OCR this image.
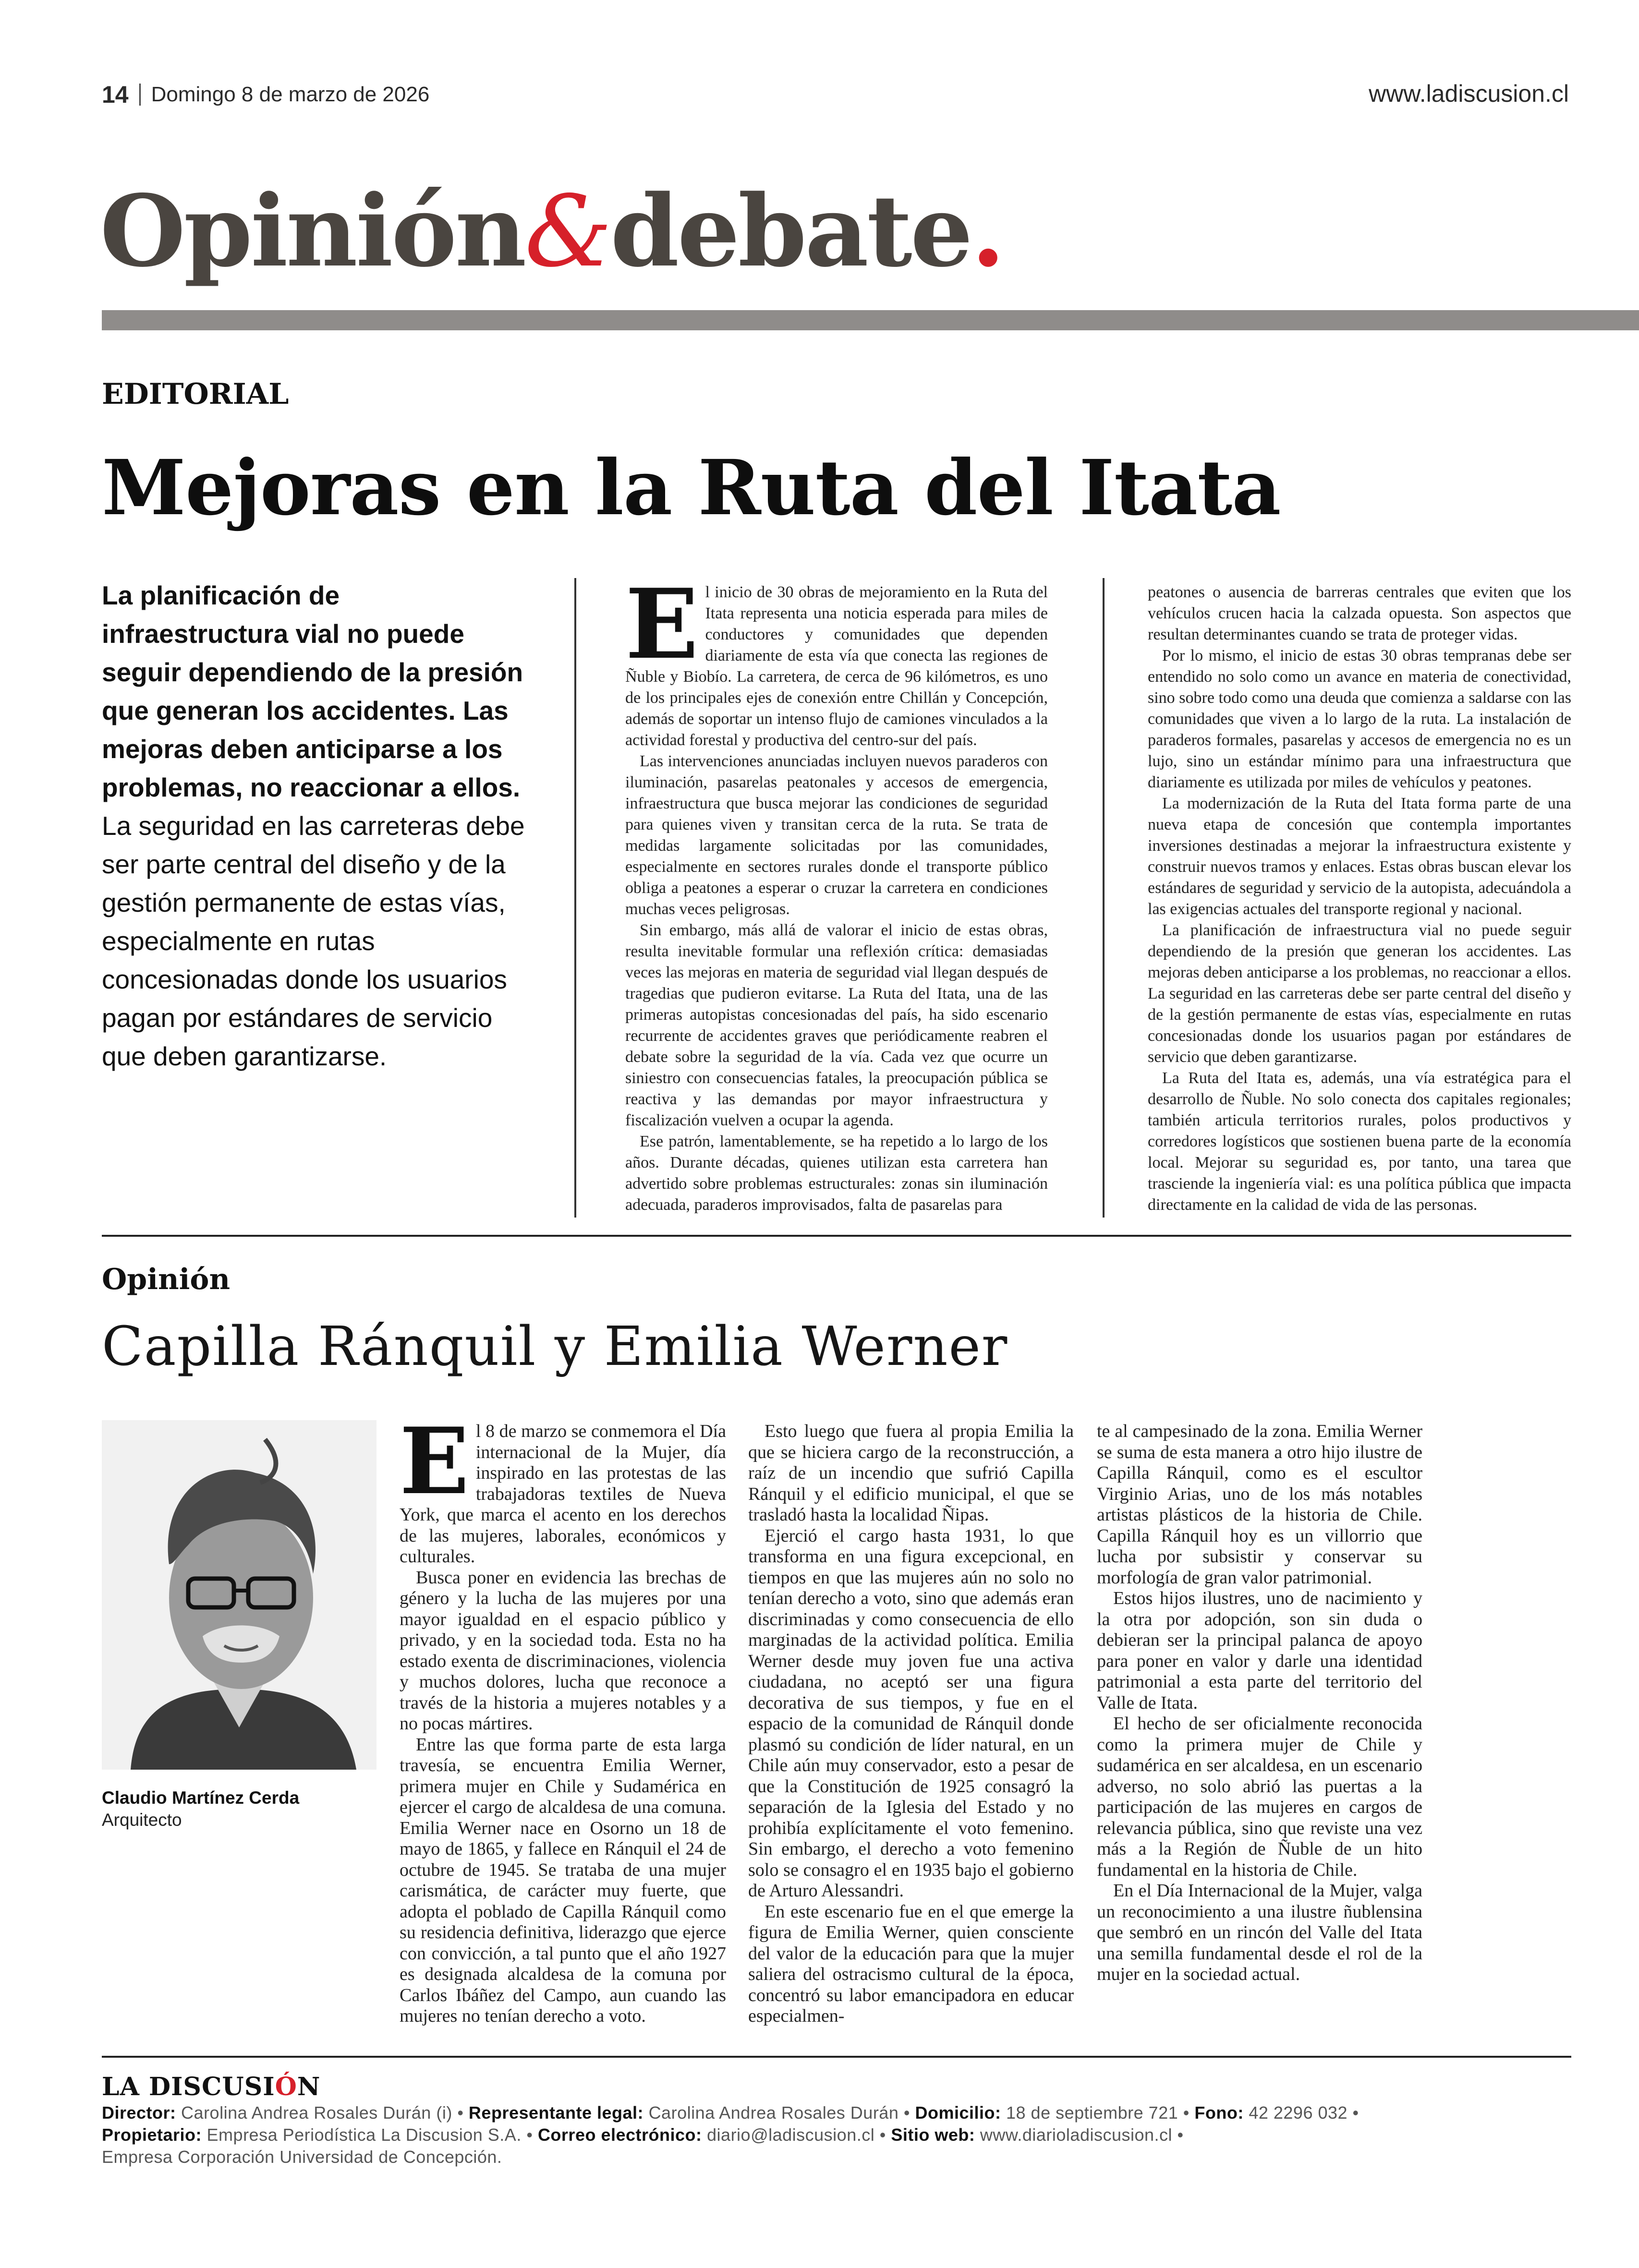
14 Domingo 8 de marzo de 2026	www.ladiscusion.cl
Opinión&debate.
EDITORIAL
Mejoras en la Ruta del Itata
La planificación de infraestructura vial no puede seguir dependiendo de la presión que generan los accidentes. Las mejoras deben anticiparse a los problemas, no reaccionar a ellos. La seguridad en las carreteras debe ser parte central del diseño y de la gestión permanente de estas vías, especialmente en rutas concesionadas donde los usuarios pagan por estándares de servicio que deben garantizarse.
E l inicio de 30 obras de mejoramiento en la Ruta del Itata representa una noticia esperada para miles de conductores y comunidades que dependen diariamente de esta vía que conecta las regiones de Ñuble y Biobío. La carretera, de cerca de 96 kilómetros, es uno de los principales ejes de conexión entre Chillán y Concepción, además de soportar un intenso flujo de camiones vinculados a la actividad forestal y productiva del centro-sur del país.

Las intervenciones anunciadas incluyen nuevos paraderos con iluminación, pasarelas peatonales y accesos de emergencia, infraestructura que busca mejorar las condiciones de seguridad para quienes viven y transitan cerca de la ruta. Se trata de medidas largamente solicitadas por las comunidades, especialmente en sectores rurales donde el transporte público obliga a peatones a esperar o cruzar la carretera en condiciones muchas veces peligrosas.

Sin embargo, más allá de valorar el inicio de estas obras, resulta inevitable formular una reflexión crítica: demasiadas veces las mejoras en materia de seguridad vial llegan después de tragedias que pudieron evitarse. La Ruta del Itata, una de las primeras autopistas concesionadas del país, ha sido escenario recurrente de accidentes graves que periódicamente reabren el debate sobre la seguridad de la vía. Cada vez que ocurre un siniestro con consecuencias fatales, la preocupación pública se reactiva y las demandas por mayor infraestructura y fiscalización vuelven a ocupar la agenda.

Ese patrón, lamentablemente, se ha repetido a lo largo de los años. Durante décadas, quienes utilizan esta carretera han advertido sobre problemas estructurales: zonas sin iluminación adecuada, paraderos improvisados, falta de pasarelas para

peatones o ausencia de barreras centrales que eviten que los vehículos crucen hacia la calzada opuesta. Son aspectos que resultan determinantes cuando se trata de proteger vidas.

Por lo mismo, el inicio de estas 30 obras tempranas debe ser entendido no solo como un avance en materia de conectividad, sino sobre todo como una deuda que comienza a saldarse con las comunidades que viven a lo largo de la ruta. La instalación de paraderos formales, pasarelas y accesos de emergencia no es un lujo, sino un estándar mínimo para una infraestructura que diariamente es utilizada por miles de vehículos y peatones.

La modernización de la Ruta del Itata forma parte de una nueva etapa de concesión que contempla importantes inversiones destinadas a mejorar la infraestructura existente y construir nuevos tramos y enlaces. Estas obras buscan elevar los estándares de seguridad y servicio de la autopista, adecuándola a las exigencias actuales del transporte regional y nacional.

La planificación de infraestructura vial no puede seguir dependiendo de la presión que generan los accidentes. Las mejoras deben anticiparse a los problemas, no reaccionar a ellos. La seguridad en las carreteras debe ser parte central del diseño y de la gestión permanente de estas vías, especialmente en rutas concesionadas donde los usuarios pagan por estándares de servicio que deben garantizarse.

La Ruta del Itata es, además, una vía estratégica para el desarrollo de Ñuble. No solo conecta dos capitales regionales; también articula territorios rurales, polos productivos y corredores logísticos que sostienen buena parte de la economía local. Mejorar su seguridad es, por tanto, una tarea que trasciende la ingeniería vial: es una política pública que impacta directamente en la calidad de vida de las personas.

Opinión
Capilla Ránquil y Emilia Werner
Claudio Martínez Cerda
Arquitecto
E l 8 de marzo se conmemora el Día internacional de la Mujer, día inspirado en las protestas de las trabajadoras textiles de Nueva York, que marca el acento en los derechos de las mujeres, laborales, económicos y culturales.

Busca poner en evidencia las brechas de género y la lucha de las mujeres por una mayor igualdad en el espacio público y privado, y en la sociedad toda. Esta no ha estado exenta de discriminaciones, violencia y muchos dolores, lucha que reconoce a través de la historia a mujeres notables y a no pocas mártires.

Entre las que forma parte de esta larga travesía, se encuentra Emilia Werner, primera mujer en Chile y Sudamérica en ejercer el cargo de alcaldesa de una comuna. Emilia Werner nace en Osorno un 18 de mayo de 1865, y fallece en Ránquil el 24 de octubre de 1945. Se trataba de una mujer carismática, de carácter muy fuerte, que adopta el poblado de Capilla Ránquil como su residencia definitiva, liderazgo que ejerce con convicción, a tal punto que el año 1927 es designada alcaldesa de la comuna por Carlos Ibáñez del Campo, aun cuando las mujeres no tenían derecho a voto.

Esto luego que fuera al propia Emilia la que se hiciera cargo de la reconstrucción, a raíz de un incendio que sufrió Capilla Ránquil y el edificio municipal, el que se trasladó hasta la localidad Ñipas.

Ejerció el cargo hasta 1931, lo que transforma en una figura excepcional, en tiempos en que las mujeres aún no solo no tenían derecho a voto, sino que además eran discriminadas y como consecuencia de ello marginadas de la actividad política. Emilia Werner desde muy joven fue una activa ciudadana, no aceptó ser una figura decorativa de sus tiempos, y fue en el espacio de la comunidad de Ránquil donde plasmó su condición de líder natural, en un Chile aún muy conservador, esto a pesar de que la Constitución de 1925 consagró la separación de la Iglesia del Estado y no prohibía explícitamente el voto femenino. Sin embargo, el derecho a voto femenino solo se consagro el en 1935 bajo el gobierno de Arturo Alessandri.

En este escenario fue en el que emerge la figura de Emilia Werner, quien consciente del valor de la educación para que la mujer saliera del ostracismo cultural de la época, concentró su labor emancipadora en educar especialmen-

te al campesinado de la zona. Emilia Werner se suma de esta manera a otro hijo ilustre de Capilla Ránquil, como es el escultor Virginio Arias, uno de los más notables artistas plásticos de la historia de Chile. Capilla Ránquil hoy es un villorrio que lucha por subsistir y conservar su morfología de gran valor patrimonial.

Estos hijos ilustres, uno de nacimiento y la otra por adopción, son sin duda o debieran ser la principal palanca de apoyo para poner en valor y darle una identidad patrimonial a esta parte del territorio del Valle de Itata.

El hecho de ser oficialmente reconocida como la primera mujer de Chile y sudamérica en ser alcaldesa, en un escenario adverso, no solo abrió las puertas a la participación de las mujeres en cargos de relevancia pública, sino que reviste una vez más a la Región de Ñuble de un hito fundamental en la historia de Chile.

En el Día Internacional de la Mujer, valga un reconocimiento a una ilustre ñublensina que sembró en un rincón del Valle del Itata una semilla fundamental desde el rol de la mujer en la sociedad actual.

LA DISCUSIÓN
Director: Carolina Andrea Rosales Durán (i) • Representante legal: Carolina Andrea Rosales Durán • Domicilio: 18 de septiembre 721 • Fono: 42 2296 032 •
Propietario: Empresa Periodística La Discusion S.A. • Correo electrónico: diario@ladiscusion.cl • Sitio web: www.diarioladiscusion.cl •
Empresa Corporación Universidad de Concepción.
